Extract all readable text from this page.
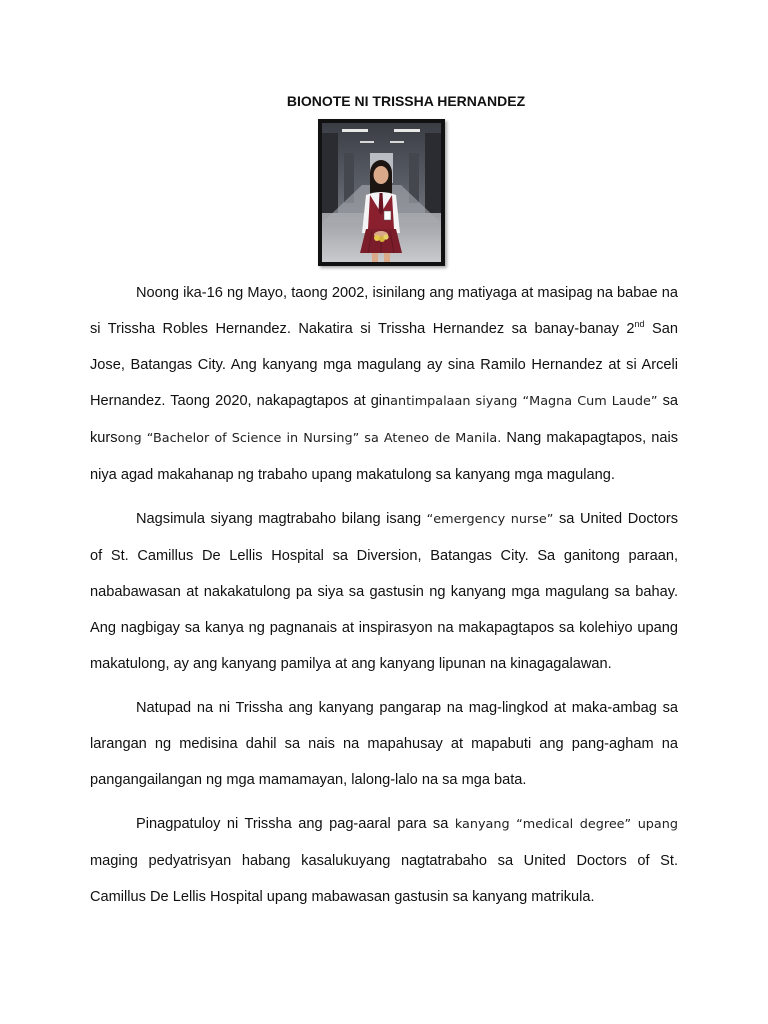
BIONOTE NI TRISSHA HERNANDEZ

Noong ika-16 ng Mayo, taong 2002, isinilang ang matiyaga at masipag na babae na si Trissha Robles Hernandez. Nakatira si Trissha Hernandez sa banay-banay 2nd San Jose, Batangas City. Ang kanyang mga magulang ay sina Ramilo Hernandez at si Arceli Hernandez. Taong 2020, nakapagtapos at ginantimpalaan siyang “Magna Cum Laude” sa kursong “Bachelor of Science in Nursing” sa Ateneo de Manila. Nang makapagtapos, nais niya agad makahanap ng trabaho upang makatulong sa kanyang mga magulang.

Nagsimula siyang magtrabaho bilang isang “emergency nurse” sa United Doctors of St. Camillus De Lellis Hospital sa Diversion, Batangas City. Sa ganitong paraan, nababawasan at nakakatulong pa siya sa gastusin ng kanyang mga magulang sa bahay. Ang nagbigay sa kanya ng pagnanais at inspirasyon na makapagtapos sa kolehiyo upang makatulong, ay ang kanyang pamilya at ang kanyang lipunan na kinagagalawan.

Natupad na ni Trissha ang kanyang pangarap na mag-lingkod at maka-ambag sa larangan ng medisina dahil sa nais na mapahusay at mapabuti ang pang-agham na pangangailangan ng mga mamamayan, lalong-lalo na sa mga bata.

Pinagpatuloy ni Trissha ang pag-aaral para sa kanyang “medical degree” upang maging pedyatrisyan habang kasalukuyang nagtatrabaho sa United Doctors of St. Camillus De Lellis Hospital upang mabawasan gastusin sa kanyang matrikula.
